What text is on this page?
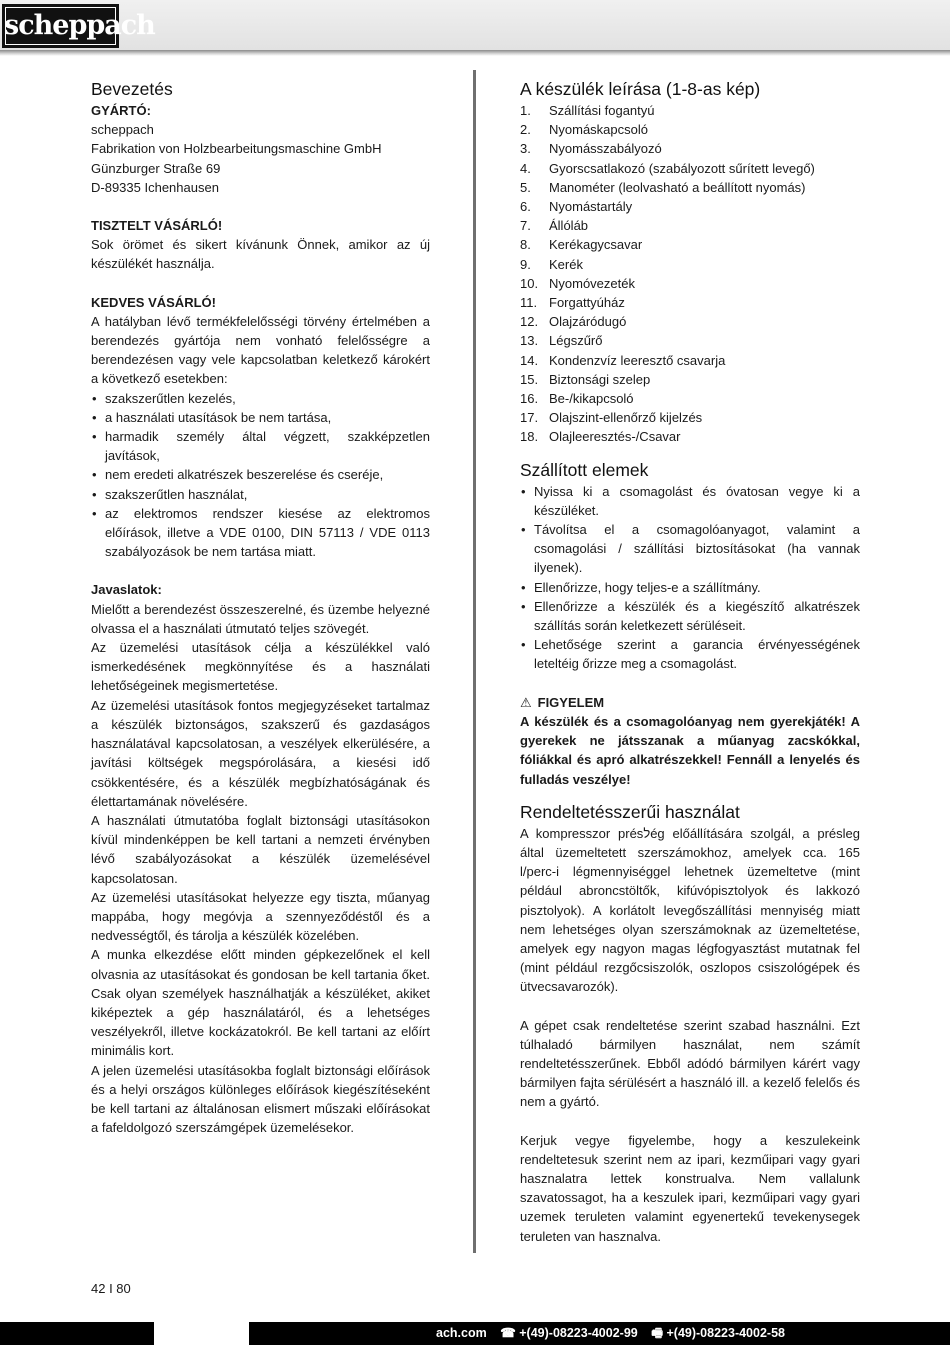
scheppach
Bevezetés
GYÁRTÓ:

scheppach

Fabrikation von Holzbearbeitungsmaschine GmbH

Günzburger Straße 69

D-89335 Ichenhausen

TISZTELT VÁSÁRLÓ!

Sok örömet és sikert kívánunk Önnek, amikor az új készülékét használja.

KEDVES VÁSÁRLÓ!

A hatályban lévő termékfelelősségi törvény értelmében a berendezés gyártója nem vonható felelősségre a berendezésen vagy vele kapcsolatban keletkező károkért a következő esetekben:

• szakszerűtlen kezelés,
• a használati utasítások be nem tartása,
• harmadik személy által végzett, szakképzetlen javítások,
• nem eredeti alkatrészek beszerelése és cseréje,
• szakszerűtlen használat,
• az elektromos rendszer kiesése az elektromos előírások, illetve a VDE 0100, DIN 57113 / VDE 0113 szabályozások be nem tartása miatt.
Javaslatok:

Mielőtt a berendezést összeszerelné, és üzembe helyezné olvassa el a használati útmutató teljes szövegét.

Az üzemelési utasítások célja a készülékkel való ismerkedésének megkönnyítése és a használati lehetőségeinek megismertetése.

Az üzemelési utasítások fontos megjegyzéseket tartalmaz a készülék biztonságos, szakszerű és gazdaságos használatával kapcsolatosan, a veszélyek elkerülésére, a javítási költségek megspórolására, a kiesési idő csökkentésére, és a készülék megbízhatóságának és élettartamának növelésére.

A használati útmutatóba foglalt biztonsági utasításokon kívül mindenképpen be kell tartani a nemzeti érvényben lévő szabályozásokat a készülék üzemelésével kapcsolatosan.

Az üzemelési utasításokat helyezze egy tiszta, műanyag mappába, hogy megóvja a szennyeződéstől és a nedvességtől, és tárolja a készülék közelében.

A munka elkezdése előtt minden gépkezelőnek el kell olvasnia az utasításokat és gondosan be kell tartania őket. Csak olyan személyek használhatják a készüléket, akiket kiképeztek a gép használatáról, és a lehetséges veszélyekről, illetve kockázatokról. Be kell tartani az előírt minimális kort.

A jelen üzemelési utasításokba foglalt biztonsági előírások és a helyi országos különleges előírások kiegészítéseként be kell tartani az általánosan elismert műszaki előírásokat a fafeldolgozó szerszámgépek üzemelésekor.

A készülék leírása (1-8-as kép)
1. Szállítási fogantyú
2. Nyomáskapcsoló
3. Nyomásszabályozó
4. Gyorscsatlakozó (szabályozott sűrített levegő)
5. Manométer (leolvasható a beállított nyomás)
6. Nyomástartály
7. Állóláb
8. Kerékagycsavar
9. Kerék
10. Nyomóvezeték
11. Forgattyúház
12. Olajzáródugó
13. Légszűrő
14. Kondenzvíz leeresztő csavarja
15. Biztonsági szelep
16. Be-/kikapcsoló
17. Olajszint-ellenőrző kijelzés
18. Olajleeresztés-/Csavar
Szállított elemek
• Nyissa ki a csomagolást és óvatosan vegye ki a készüléket.
• Távolítsa el a csomagolóanyagot, valamint a csomagolási / szállítási biztosításokat (ha vannak ilyenek).
• Ellenőrizze, hogy teljes-e a szállítmány.
• Ellenőrizze a készülék és a kiegészítő alkatrészek szállítás során keletkezett sérüléseit.
• Lehetősége szerint a garancia érvényességének leteltéig őrizze meg a csomagolást.
⚠ FIGYELEM

A készülék és a csomagolóanyag nem gyerekjáték! A gyerekek ne játsszanak a műanyag zacskókkal, fóliákkal és apró alkatrészekkel! Fennáll a lenyelés és fulladás veszélye!

Rendeltetésszerűi használat

A kompresszor présלég előállítására szolgál, a présleg által üzemeltetett szerszámokhoz, amelyek cca. 165 l/perc-i légmennyiséggel lehetnek üzemeltetve (mint például abroncstöltők, kifúvópisztolyok és lakkozó pisztolyok). A korlátolt levegőszállítási mennyiség miatt nem lehetséges olyan szerszámoknak az üzemeltetése, amelyek egy nagyon magas légfogyasztást mutatnak fel (mint például rezgőcsiszolók, oszlopos csiszológépek és ütvecsavarozók).

A gépet csak rendeltetése szerint szabad használni. Ezt túlhaladó bármilyen használat, nem számít rendeltetésszerűnek. Ebből adódó bármilyen kárért vagy bármilyen fajta sérülésért a használó ill. a kezelő felelős és nem a gyártó.

Kerjuk vegye figyelembe, hogy a keszulekeink rendeltetesuk szerint nem az ipari, kezműipari vagy gyari hasznalatra lettek konstrualva. Nem vallalunk szavatossagot, ha a keszulek ipari, kezműipari vagy gyari uzemek teruleten valamint egyenertekű tevekenysegek teruleten van hasznalva.

42 I 80
ach.com ☎ +(49)-08223-4002-99 🖷 +(49)-08223-4002-58
